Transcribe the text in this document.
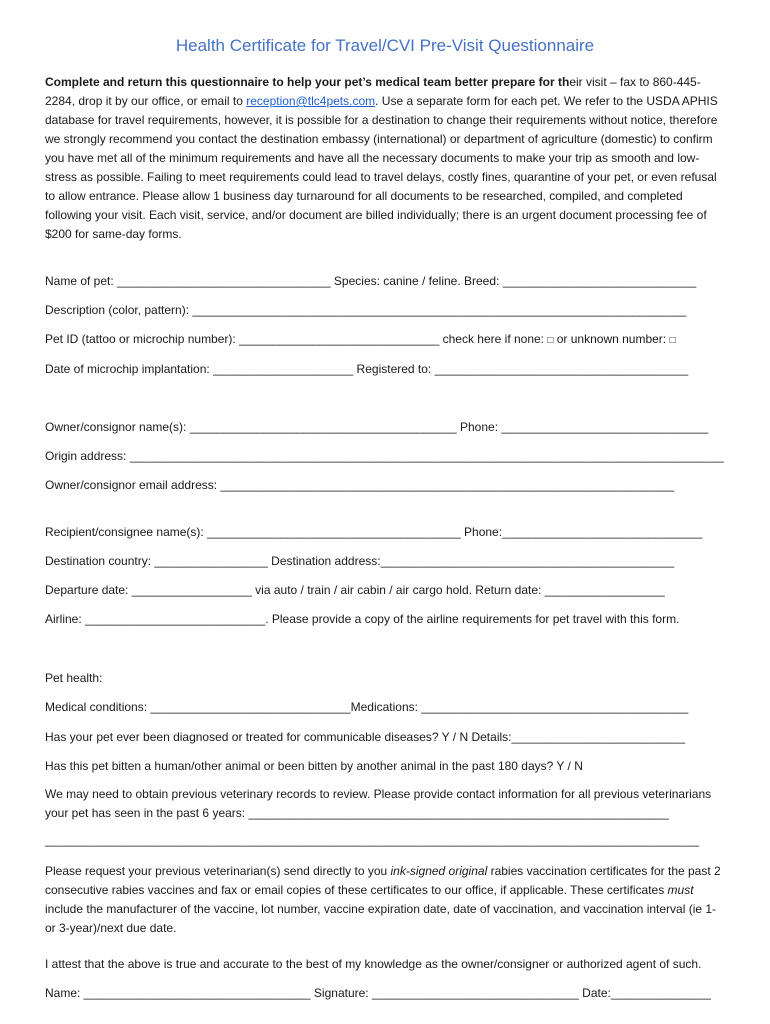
Health Certificate for Travel/CVI Pre-Visit Questionnaire
Complete and return this questionnaire to help your pet’s medical team better prepare for their visit – fax to 860-445-2284, drop it by our office, or email to reception@tlc4pets.com. Use a separate form for each pet. We refer to the USDA APHIS database for travel requirements, however, it is possible for a destination to change their requirements without notice, therefore we strongly recommend you contact the destination embassy (international) or department of agriculture (domestic) to confirm you have met all of the minimum requirements and have all the necessary documents to make your trip as smooth and low-stress as possible. Failing to meet requirements could lead to travel delays, costly fines, quarantine of your pet, or even refusal to allow entrance. Please allow 1 business day turnaround for all documents to be researched, compiled, and completed following your visit. Each visit, service, and/or document are billed individually; there is an urgent document processing fee of $200 for same-day forms.
Name of pet: ________________________________ Species: canine / feline. Breed: _____________________________
Description (color, pattern): __________________________________________________________________________
Pet ID (tattoo or microchip number): ______________________________ check here if none: □ or unknown number: □
Date of microchip implantation: _____________________ Registered to: ______________________________________
Owner/consignor name(s): ________________________________________ Phone: _______________________________
Origin address: _________________________________________________________________________________________
Owner/consignor email address: ____________________________________________________________________
Recipient/consignee name(s): ______________________________________ Phone:______________________________
Destination country: _________________ Destination address:____________________________________________
Departure date: __________________ via auto / train / air cabin / air cargo hold. Return date: __________________
Airline: ___________________________. Please provide a copy of the airline requirements for pet travel with this form.
Pet health:
Medical conditions: ______________________________Medications: ________________________________________
Has your pet ever been diagnosed or treated for communicable diseases? Y / N Details:__________________________
Has this pet bitten a human/other animal or been bitten by another animal in the past 180 days? Y / N
We may need to obtain previous veterinary records to review. Please provide contact information for all previous veterinarians your pet has seen in the past 6 years: _______________________________________________________________
__________________________________________________________________________________________________
Please request your previous veterinarian(s) send directly to you ink-signed original rabies vaccination certificates for the past 2 consecutive rabies vaccines and fax or email copies of these certificates to our office, if applicable. These certificates must include the manufacturer of the vaccine, lot number, vaccine expiration date, date of vaccination, and vaccination interval (ie 1- or 3-year)/next due date.
I attest that the above is true and accurate to the best of my knowledge as the owner/consigner or authorized agent of such.
Name: __________________________________ Signature: _______________________________ Date:_______________
